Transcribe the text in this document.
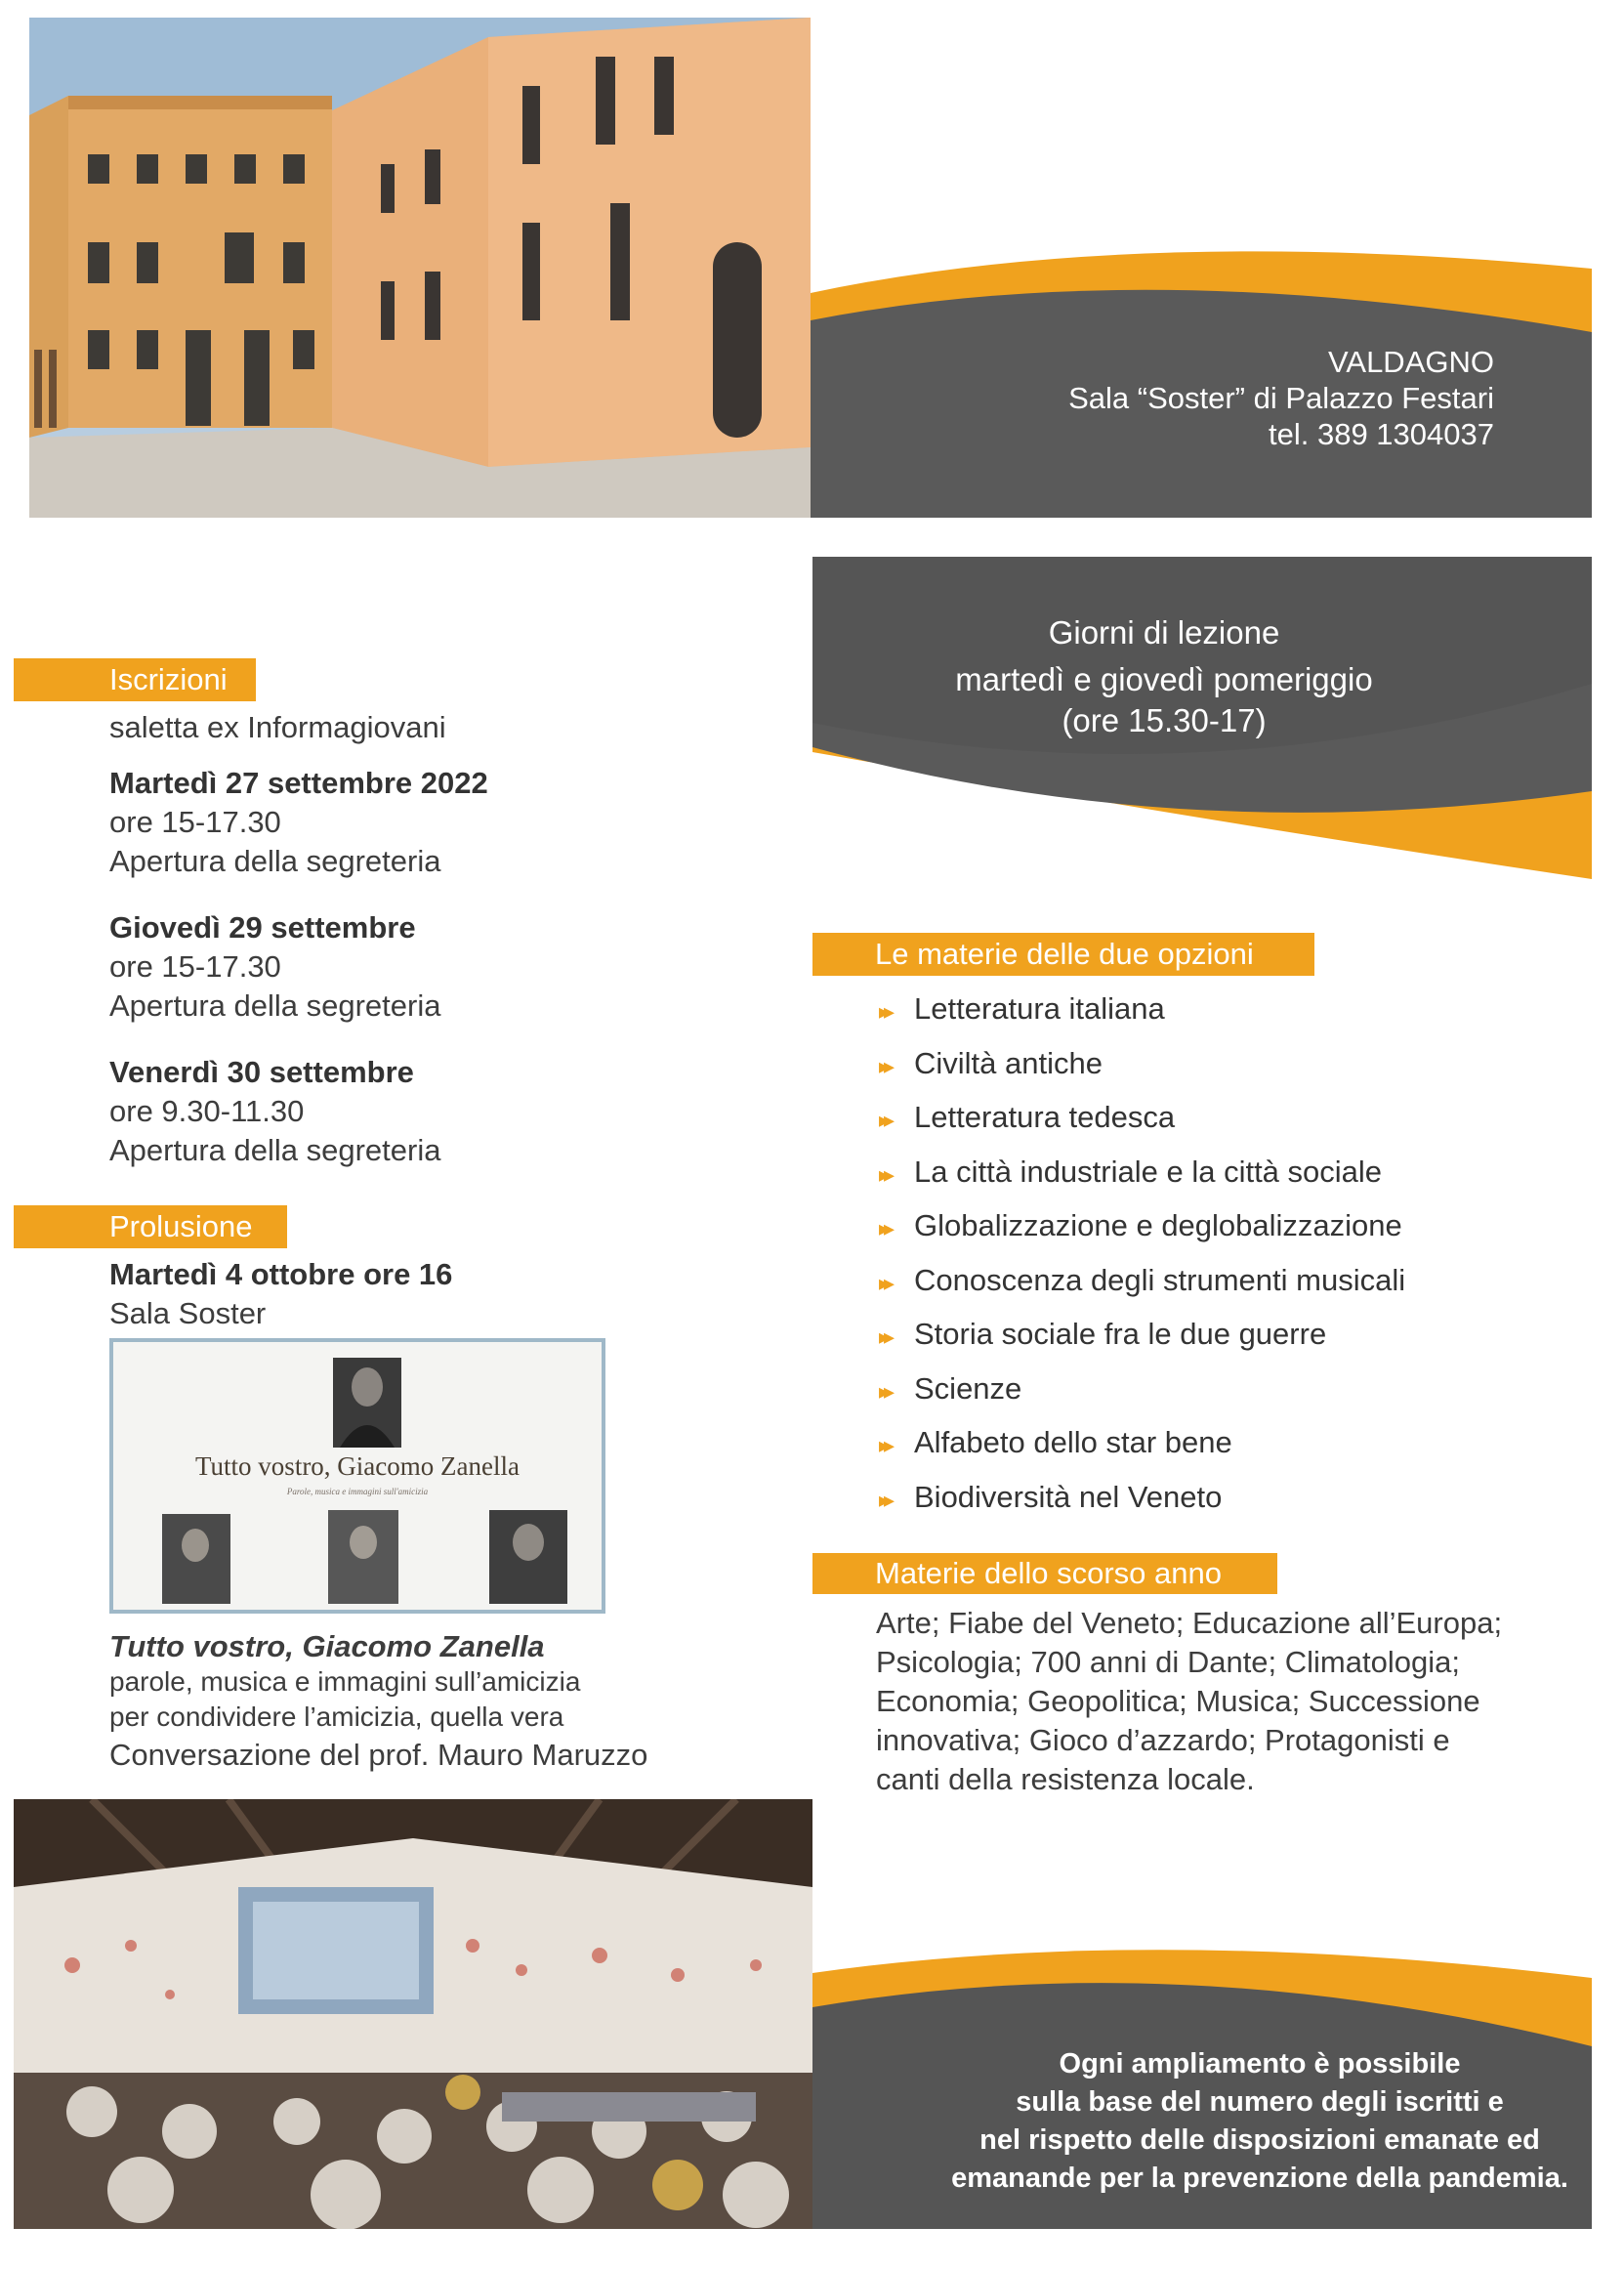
VALDAGNO
Sala “Soster” di Palazzo Festari
tel. 389 1304037
Giorni di lezione
martedì e giovedì pomeriggio
(ore 15.30-17)
Iscrizioni
saletta ex Informagiovani
Martedì 27 settembre 2022
ore 15-17.30
Apertura della segreteria
Giovedì 29 settembre
ore 15-17.30
Apertura della segreteria
Venerdì 30 settembre
ore 9.30-11.30
Apertura della segreteria
Prolusione
Martedì 4 ottobre ore 16
Sala Soster
Tutto vostro, Giacomo Zanella
Parole, musica e immagini sull'amicizia
Tutto vostro, Giacomo Zanella
parole, musica e immagini sull’amicizia
per condividere l’amicizia, quella vera
Conversazione del prof. Mauro Maruzzo
Le materie delle due opzioni
▸▸ Letteratura italiana
▸▸ Civiltà antiche
▸▸ Letteratura tedesca
▸▸ La città industriale e la città sociale
▸▸ Globalizzazione e deglobalizzazione
▸▸ Conoscenza degli strumenti musicali
▸▸ Storia sociale fra le due guerre
▸▸ Scienze
▸▸ Alfabeto dello star bene
▸▸ Biodiversità nel Veneto
Materie dello scorso anno
Arte; Fiabe del Veneto; Educazione all’Europa;
Psicologia; 700 anni di Dante; Climatologia;
Economia; Geopolitica; Musica; Successione
innovativa; Gioco d’azzardo; Protagonisti e
canti della resistenza locale.
Ogni ampliamento è possibile
sulla base del numero degli iscritti e
nel rispetto delle disposizioni emanate ed
emanande per la prevenzione della pandemia.
